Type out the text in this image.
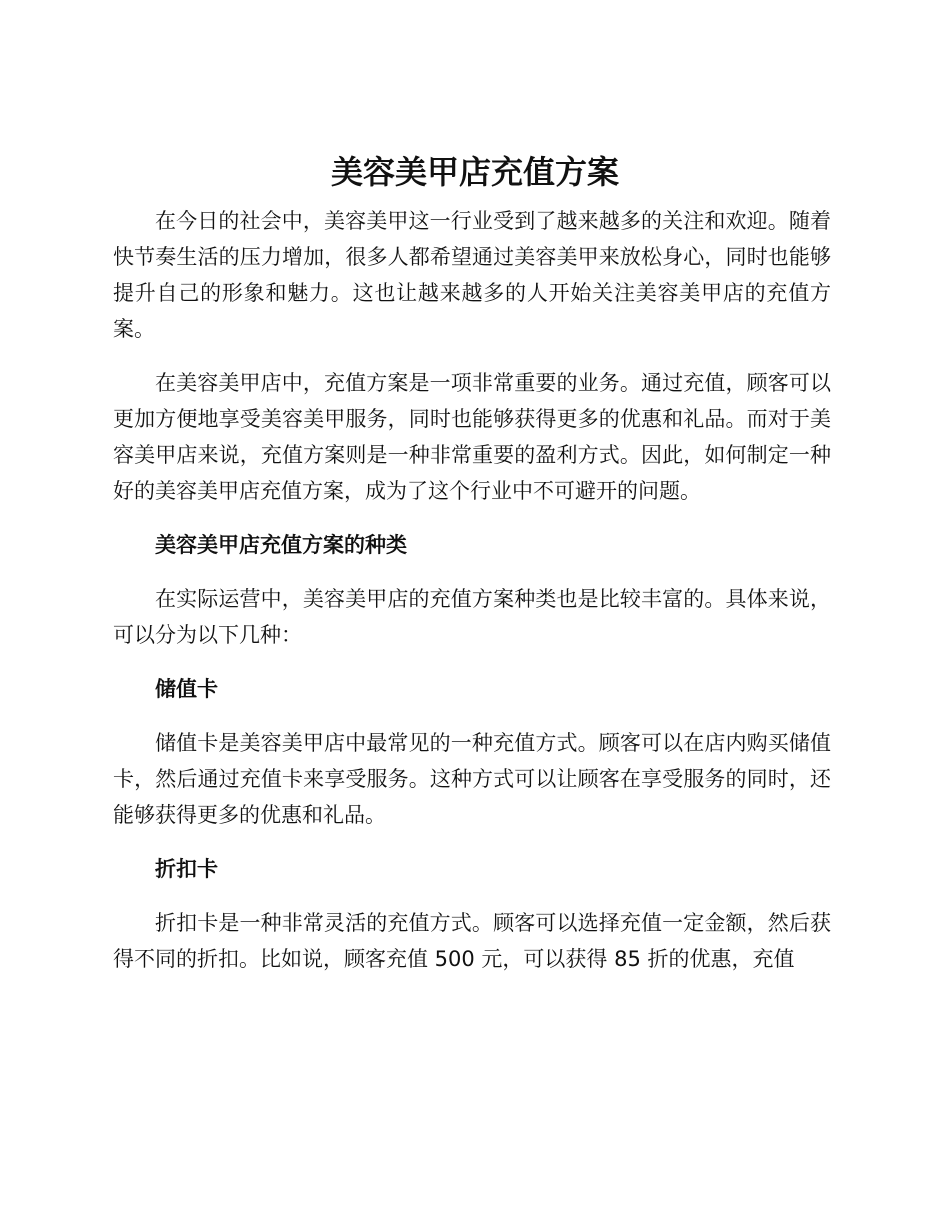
美容美甲店充值方案

在今日的社会中，美容美甲这一行业受到了越来越多的关注和欢迎。随着快节奏生活的压力增加，很多人都希望通过美容美甲来放松身心，同时也能够提升自己的形象和魅力。这也让越来越多的人开始关注美容美甲店的充值方案。

在美容美甲店中，充值方案是一项非常重要的业务。通过充值，顾客可以更加方便地享受美容美甲服务，同时也能够获得更多的优惠和礼品。而对于美容美甲店来说，充值方案则是一种非常重要的盈利方式。因此，如何制定一种好的美容美甲店充值方案，成为了这个行业中不可避开的问题。

美容美甲店充值方案的种类

在实际运营中，美容美甲店的充值方案种类也是比较丰富的。具体来说，可以分为以下几种：

储值卡

储值卡是美容美甲店中最常见的一种充值方式。顾客可以在店内购买储值卡，然后通过充值卡来享受服务。这种方式可以让顾客在享受服务的同时，还能够获得更多的优惠和礼品。

折扣卡

折扣卡是一种非常灵活的充值方式。顾客可以选择充值一定金额，然后获得不同的折扣。比如说，顾客充值 500 元，可以获得 85 折的优惠，充值
